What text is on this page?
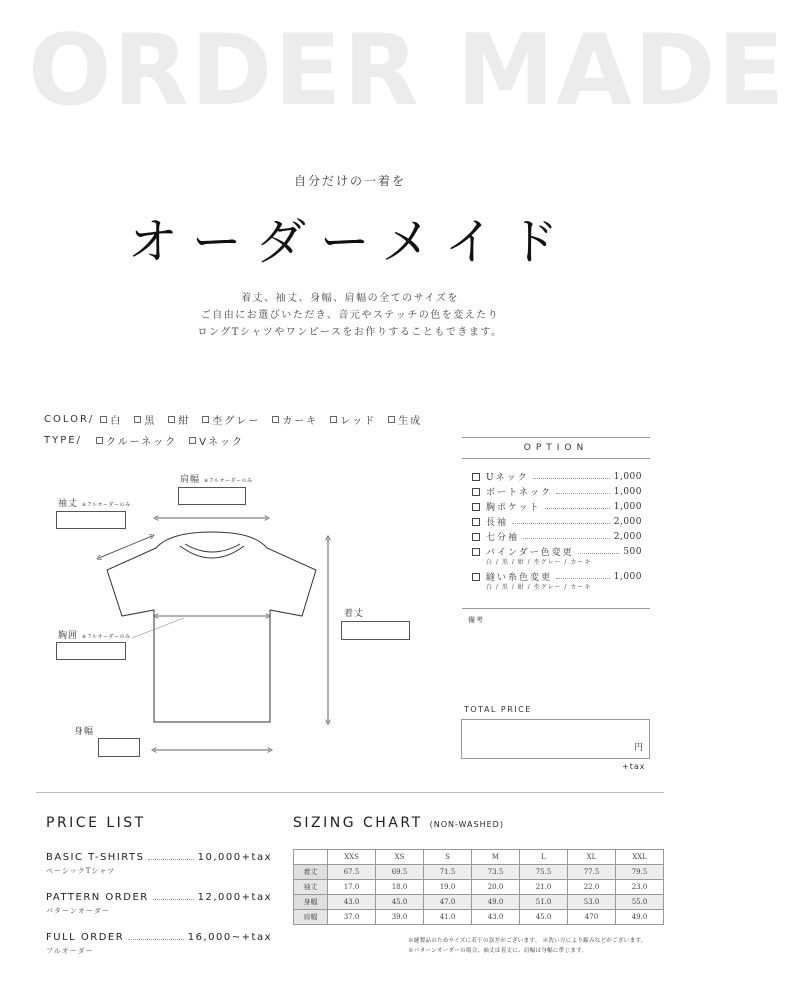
ORDER MADE
自分だけの一着を
オーダーメイド
着丈、袖丈、身幅、肩幅の全てのサイズを
ご自由にお選びいただき、音元やステッチの色を変えたり
ロングTシャツやワンピースをお作りすることもできます。
COLOR/ 白 黒 紺 杢グレー カーキ レッド 生成
TYPE/ クルーネック Vネック
肩幅 ※フルオーダーのみ
袖丈 ※フルオーダーのみ
着丈
胸囲 ※フルオーダーのみ
身幅
OPTION
Uネック	1,000
ボートネック	1,000
胸ポケット	1,000
長袖	2,000
七分袖	2,000
バインダー色変更	500
白 / 黒 / 紺 / 杢グレー / カーキ
縫い糸色変更	1,000
白 / 黒 / 紺 / 杢グレー / カーキ
備考
TOTAL PRICE
円
+tax
PRICE LIST
BASIC T-SHIRTS	10,000+tax
ベーシックTシャツ
PATTERN ORDER	12,000+tax
パターンオーダー
FULL ORDER	16,000~+tax
フルオーダー
SIZING CHART (NON-WASHED)
	XXS	XS	S	M	L	XL	XXL
着丈	67.5	69.5	71.5	73.5	75.5	77.5	79.5
袖丈	17.0	18.0	19.0	20.0	21.0	22.0	23.0
身幅	43.0	45.0	47.0	49.0	51.0	53.0	55.0
肩幅	37.0	39.0	41.0	43.0	45.0	470	49.0
※縫製品のためサイズに若干の誤差がございます。 ※洗い方により縮みなどがございます。
※パターンオーダーの場合、袖丈は着丈に、肩幅は身幅に準じます。
